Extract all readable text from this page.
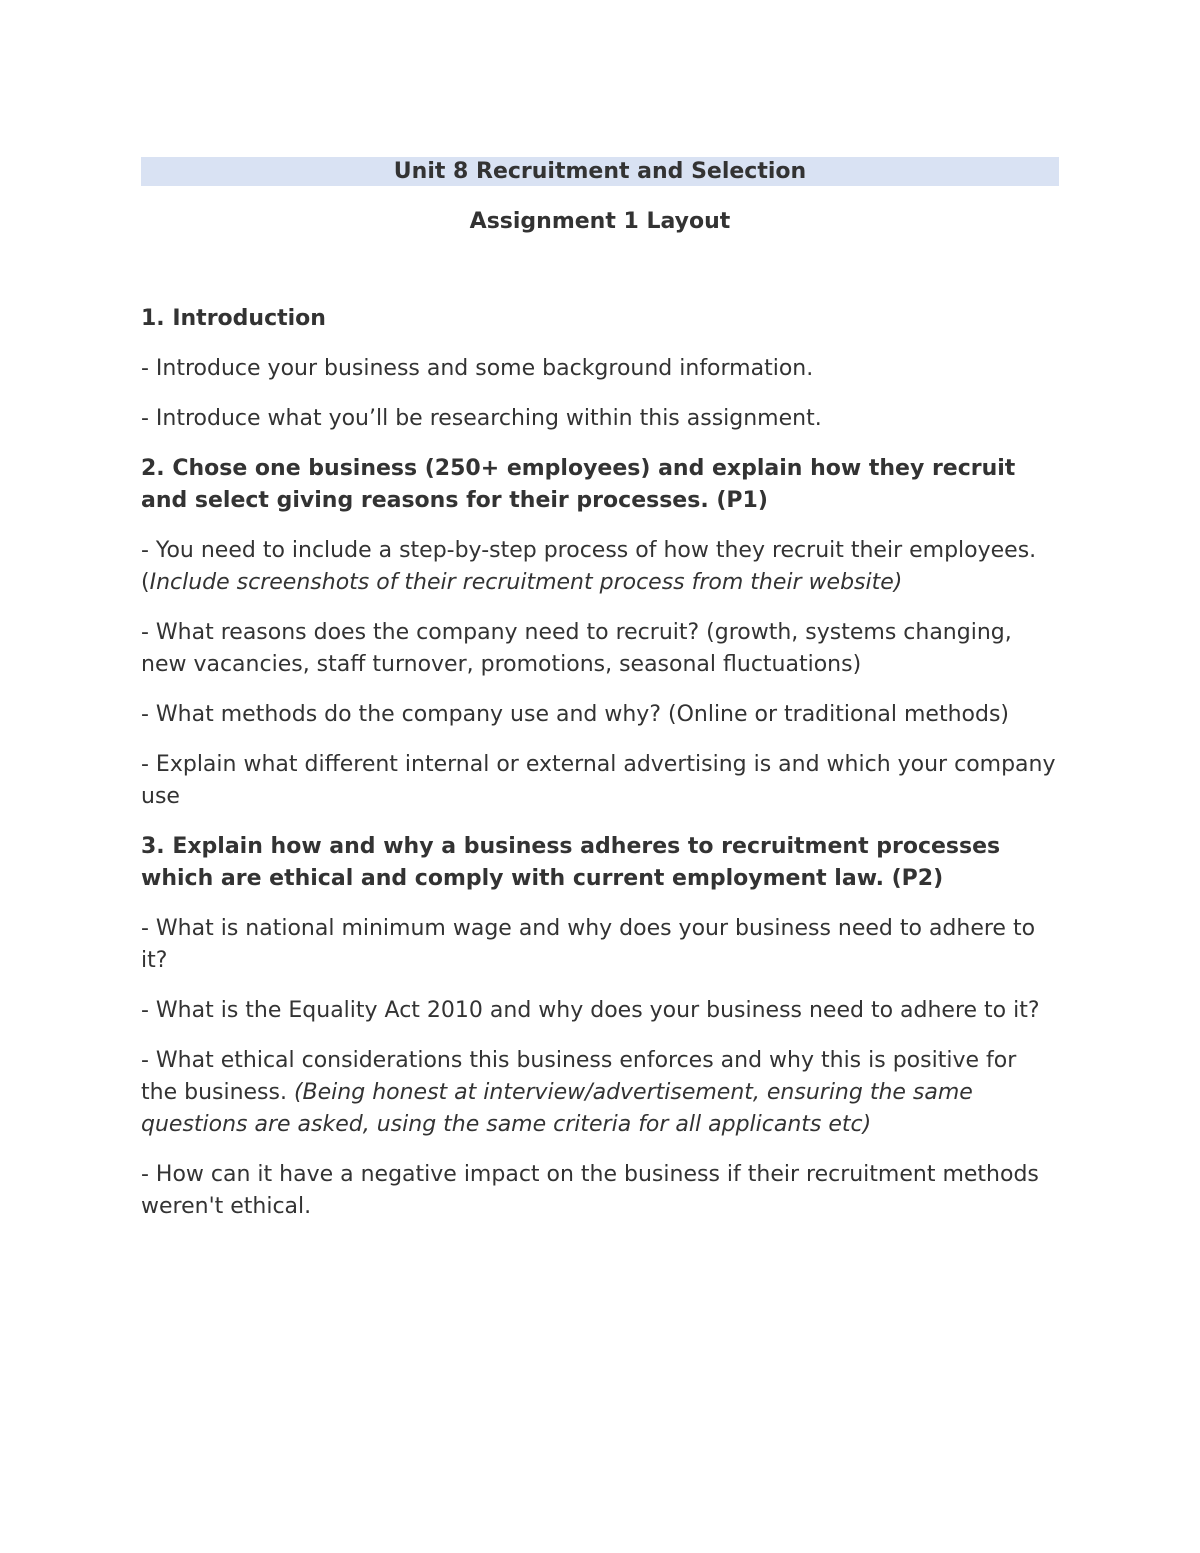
Unit 8 Recruitment and Selection
Assignment 1 Layout

1. Introduction

- Introduce your business and some background information.

- Introduce what you’ll be researching within this assignment.

2. Chose one business (250+ employees) and explain how they recruit and select giving reasons for their processes. (P1)

- You need to include a step-by-step process of how they recruit their employees. (Include screenshots of their recruitment process from their website)

- What reasons does the company need to recruit? (growth, systems changing, new vacancies, staff turnover, promotions, seasonal fluctuations)

- What methods do the company use and why? (Online or traditional methods)

- Explain what different internal or external advertising is and which your company use

3. Explain how and why a business adheres to recruitment processes which are ethical and comply with current employment law. (P2)

- What is national minimum wage and why does your business need to adhere to it?

- What is the Equality Act 2010 and why does your business need to adhere to it?

- What ethical considerations this business enforces and why this is positive for the business. (Being honest at interview/advertisement, ensuring the same questions are asked, using the same criteria for all applicants etc)

- How can it have a negative impact on the business if their recruitment methods weren't ethical.
